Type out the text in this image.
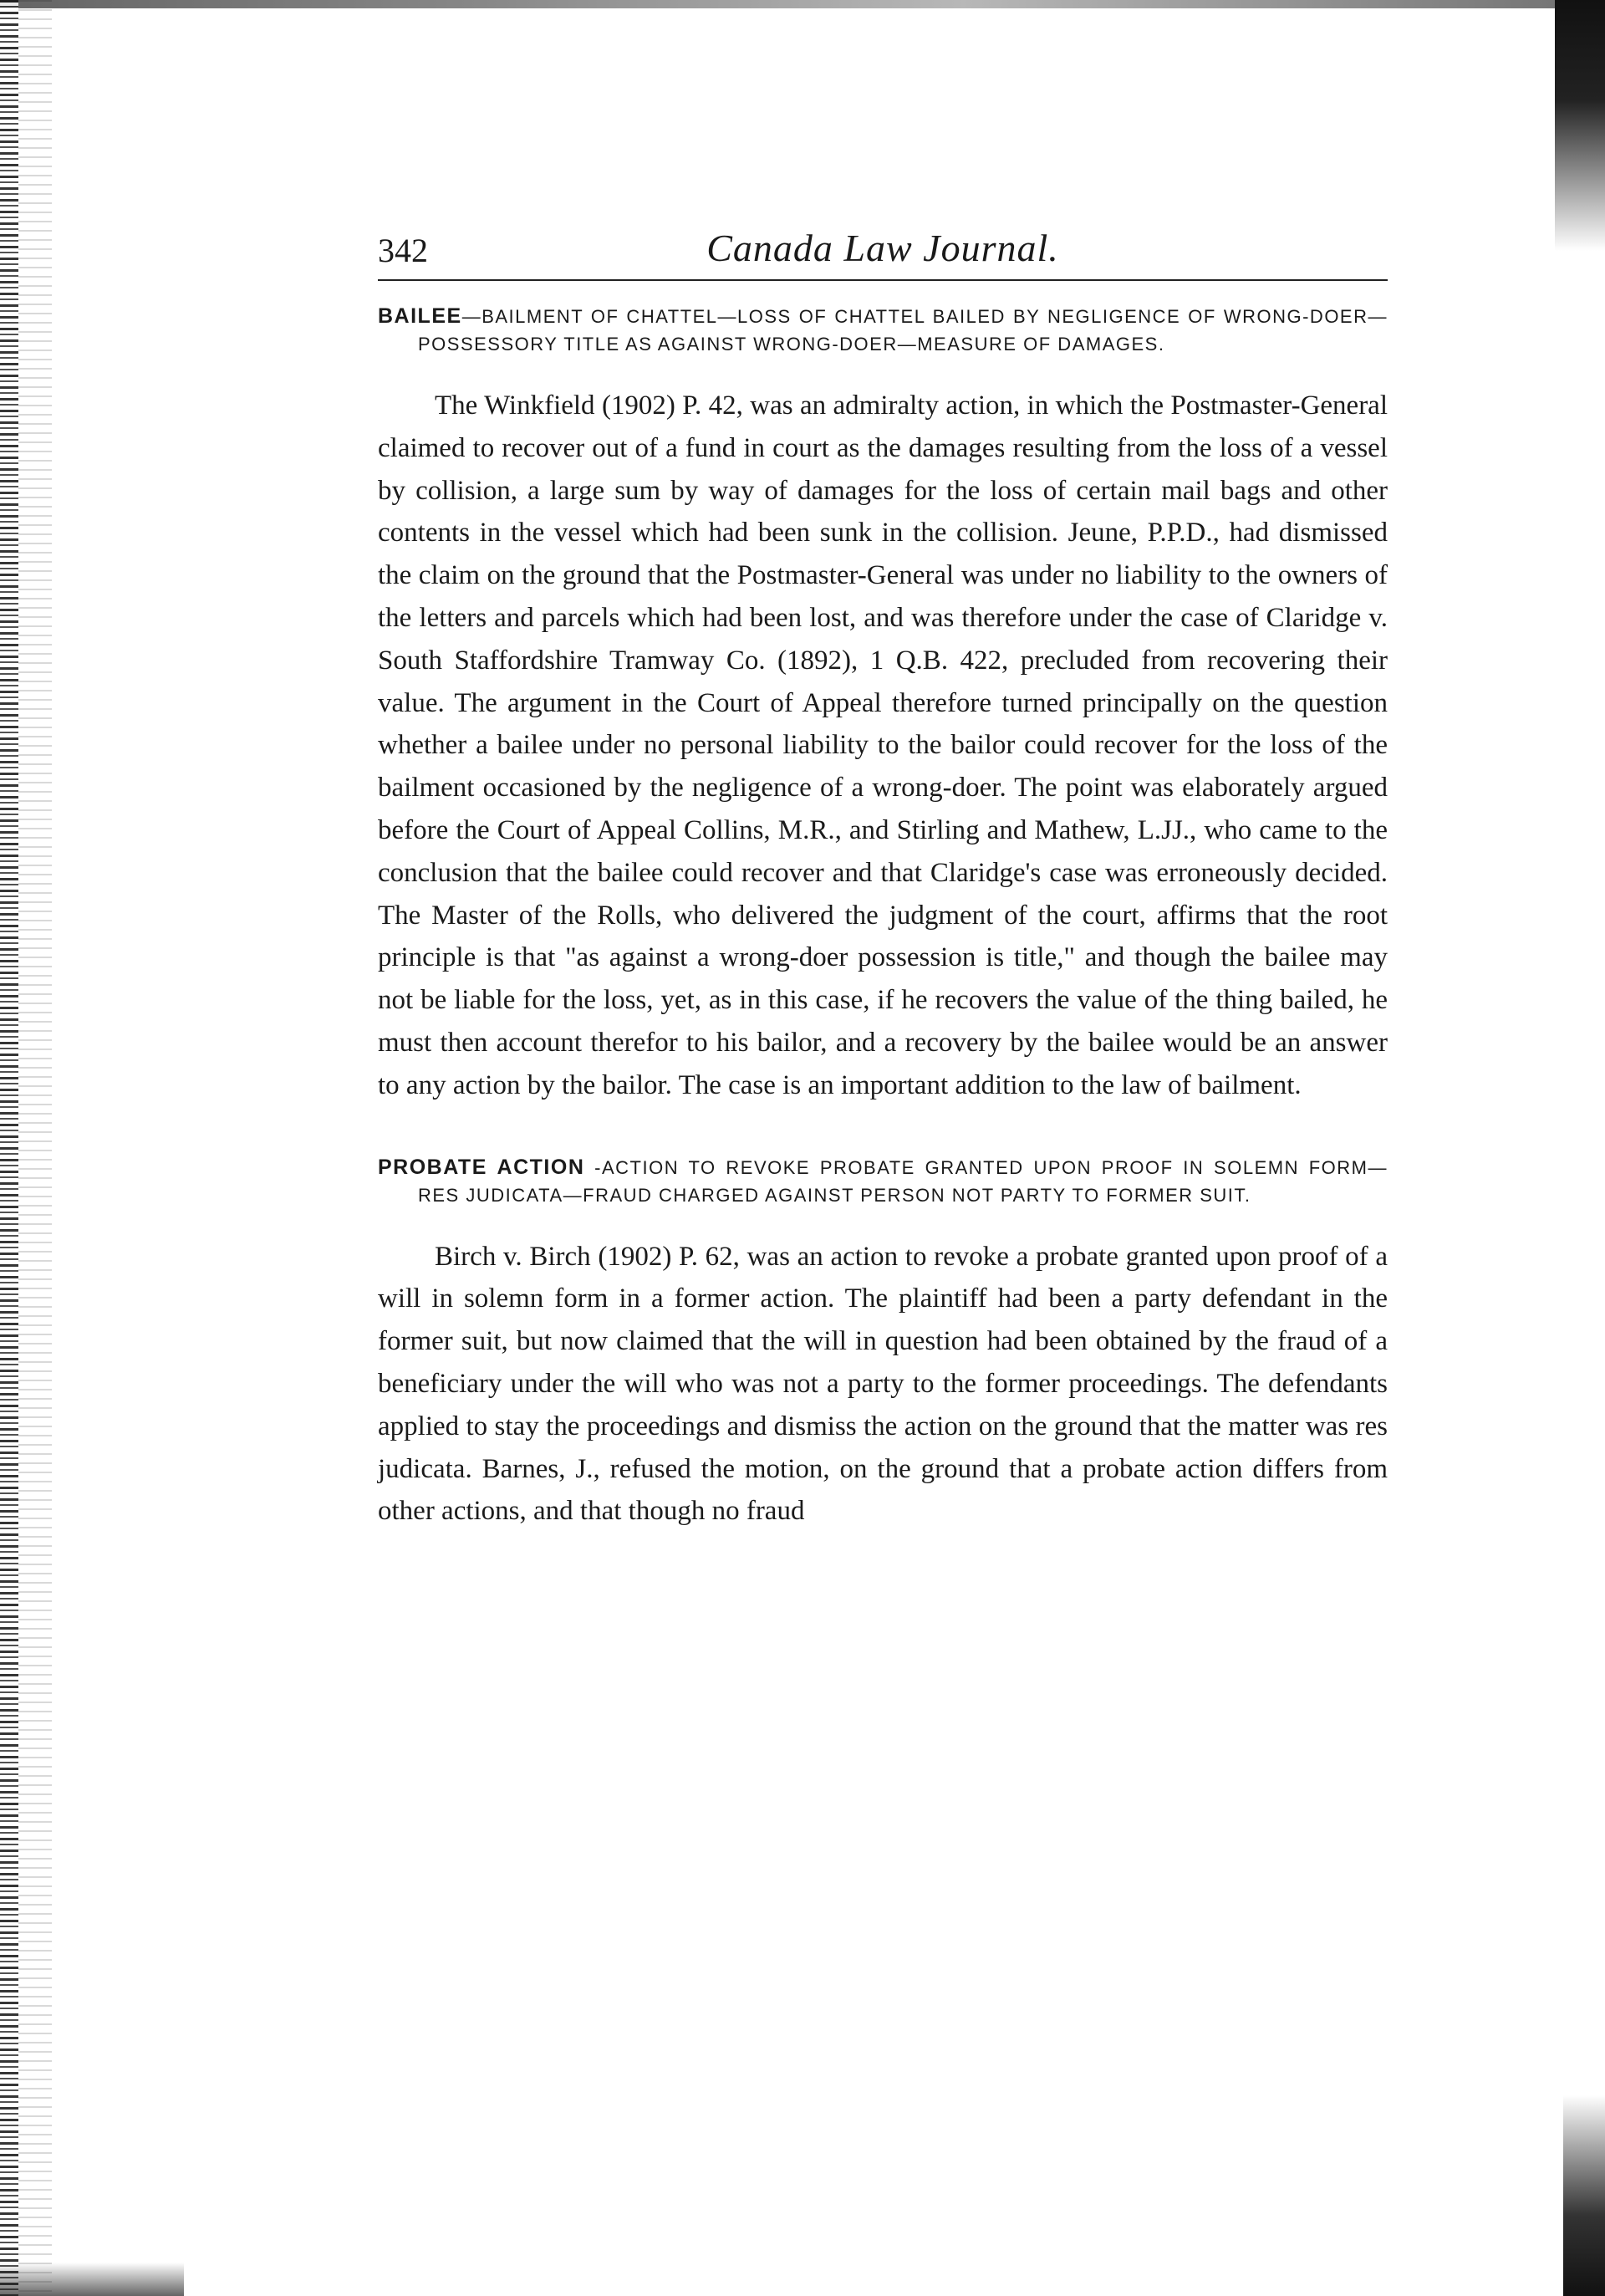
342	Canada Law Journal.
BAILEE—BAILMENT OF CHATTEL—LOSS OF CHATTEL BAILED BY NEGLIGENCE OF WRONG-DOER—POSSESSORY TITLE AS AGAINST WRONG-DOER—MEASURE OF DAMAGES.
The Winkfield (1902) P. 42, was an admiralty action, in which the Postmaster-General claimed to recover out of a fund in court as the damages resulting from the loss of a vessel by collision, a large sum by way of damages for the loss of certain mail bags and other contents in the vessel which had been sunk in the collision. Jeune, P.P.D., had dismissed the claim on the ground that the Postmaster-General was under no liability to the owners of the letters and parcels which had been lost, and was therefore under the case of Claridge v. South Staffordshire Tramway Co. (1892), 1 Q.B. 422, precluded from recovering their value. The argument in the Court of Appeal therefore turned principally on the question whether a bailee under no personal liability to the bailor could recover for the loss of the bailment occasioned by the negligence of a wrong-doer. The point was elaborately argued before the Court of Appeal Collins, M.R., and Stirling and Mathew, L.JJ., who came to the conclusion that the bailee could recover and that Claridge's case was erroneously decided. The Master of the Rolls, who delivered the judgment of the court, affirms that the root principle is that "as against a wrong-doer possession is title," and though the bailee may not be liable for the loss, yet, as in this case, if he recovers the value of the thing bailed, he must then account therefor to his bailor, and a recovery by the bailee would be an answer to any action by the bailor. The case is an important addition to the law of bailment.
PROBATE ACTION -ACTION TO REVOKE PROBATE GRANTED UPON PROOF IN SOLEMN FORM—RES JUDICATA—FRAUD CHARGED AGAINST PERSON NOT PARTY TO FORMER SUIT.
Birch v. Birch (1902) P. 62, was an action to revoke a probate granted upon proof of a will in solemn form in a former action. The plaintiff had been a party defendant in the former suit, but now claimed that the will in question had been obtained by the fraud of a beneficiary under the will who was not a party to the former proceedings. The defendants applied to stay the proceedings and dismiss the action on the ground that the matter was res judicata. Barnes, J., refused the motion, on the ground that a probate action differs from other actions, and that though no fraud
